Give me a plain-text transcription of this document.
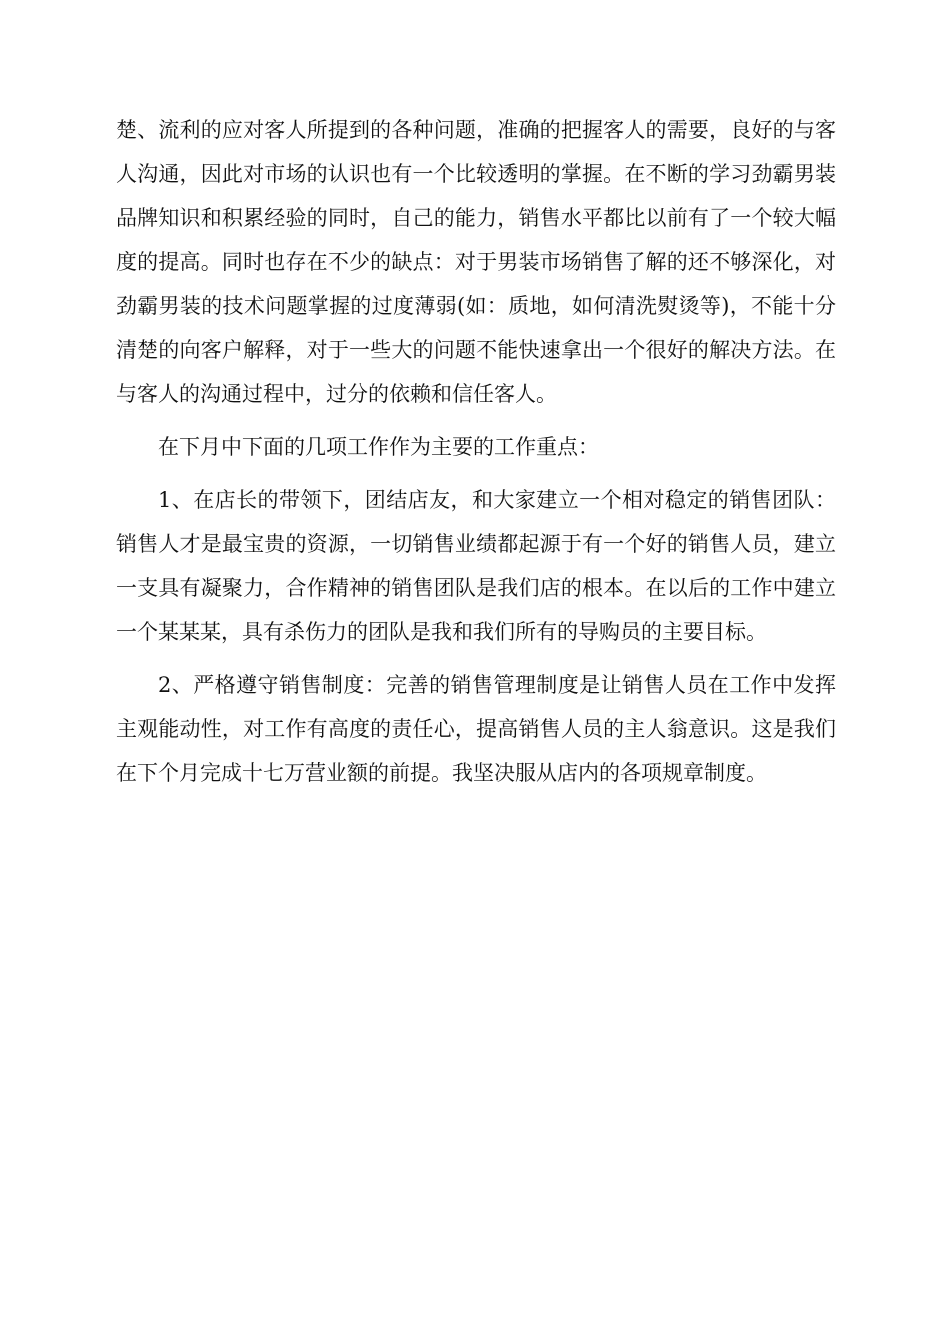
楚、流利的应对客人所提到的各种问题，准确的把握客人的需要，良好的与客人沟通，因此对市场的认识也有一个比较透明的掌握。在不断的学习劲霸男装品牌知识和积累经验的同时，自己的能力，销售水平都比以前有了一个较大幅度的提高。同时也存在不少的缺点：对于男装市场销售了解的还不够深化，对劲霸男装的技术问题掌握的过度薄弱(如：质地，如何清洗熨烫等)，不能十分清楚的向客户解释，对于一些大的问题不能快速拿出一个很好的解决方法。在与客人的沟通过程中，过分的依赖和信任客人。

在下月中下面的几项工作作为主要的工作重点：

1、在店长的带领下，团结店友，和大家建立一个相对稳定的销售团队：销售人才是最宝贵的资源，一切销售业绩都起源于有一个好的销售人员，建立一支具有凝聚力，合作精神的销售团队是我们店的根本。在以后的工作中建立一个某某某，具有杀伤力的团队是我和我们所有的导购员的主要目标。

2、严格遵守销售制度：完善的销售管理制度是让销售人员在工作中发挥主观能动性，对工作有高度的责任心，提高销售人员的主人翁意识。这是我们在下个月完成十七万营业额的前提。我坚决服从店内的各项规章制度。
